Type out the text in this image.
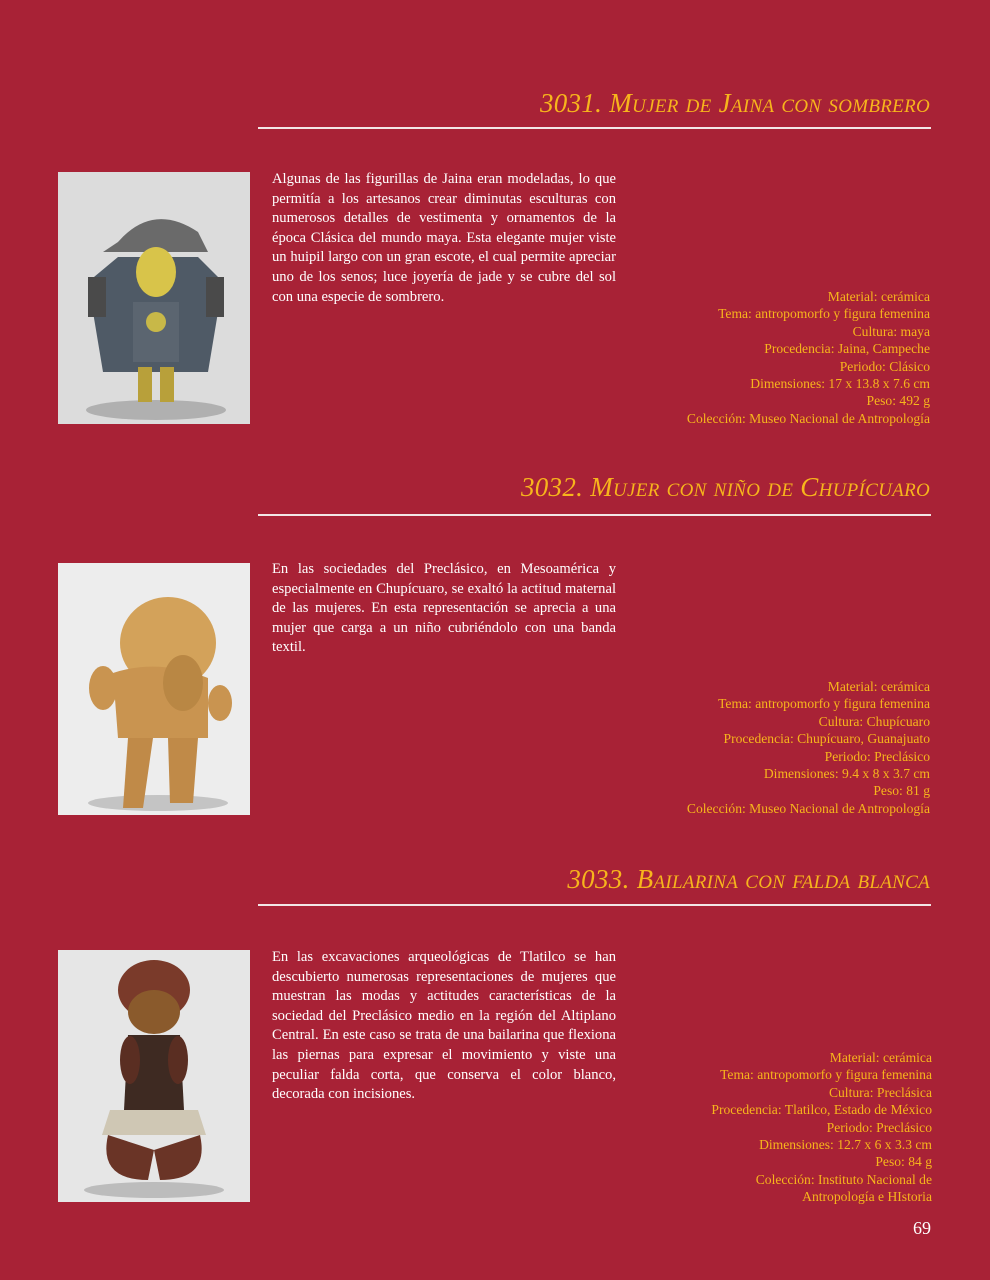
3031. Mujer de Jaina con sombrero

Algunas de las figurillas de Jaina eran modeladas, lo que permitía a los artesanos crear diminutas esculturas con numerosos detalles de vestimenta y ornamentos de la época Clásica del mundo maya. Esta elegante mujer viste un huipil largo con un gran escote, el cual permite apreciar uno de los senos; luce joyería de jade y se cubre del sol con una especie de sombrero.	Material: cerámica
Tema: antropomorfo y figura femenina
Cultura: maya
Procedencia: Jaina, Campeche
Periodo: Clásico
Dimensiones: 17 x 13.8 x 7.6 cm
Peso: 492 g
Colección: Museo Nacional de Antropología
3032. Mujer con niño de Chupícuaro

En las sociedades del Preclásico, en Mesoamérica y especialmente en Chupícuaro, se exaltó la actitud maternal de las mujeres. En esta representación se aprecia a una mujer que carga a un niño cubriéndolo con una banda textil.

Material: cerámica
Tema: antropomorfo y figura femenina
Cultura: Chupícuaro
Procedencia: Chupícuaro, Guanajuato
Periodo: Preclásico
Dimensiones: 9.4 x 8 x 3.7 cm
Peso: 81 g
Colección: Museo Nacional de Antropología
3033. Bailarina con falda blanca

En las excavaciones arqueológicas de Tlatilco se han descubierto numerosas representaciones de mujeres que muestran las modas y actitudes características de la sociedad del Preclásico medio en la región del Altiplano Central. En este caso se trata de una bailarina que flexiona las piernas para expresar el movimiento y viste una peculiar falda corta, que conserva el color blanco, decorada con incisiones.

Material: cerámica
Tema: antropomorfo y figura femenina
Cultura: Preclásica
Procedencia: Tlatilco, Estado de México
Periodo: Preclásico
Dimensiones: 12.7 x 6 x 3.3 cm
Peso: 84 g
Colección: Instituto Nacional de
Antropología e HIstoria
69
